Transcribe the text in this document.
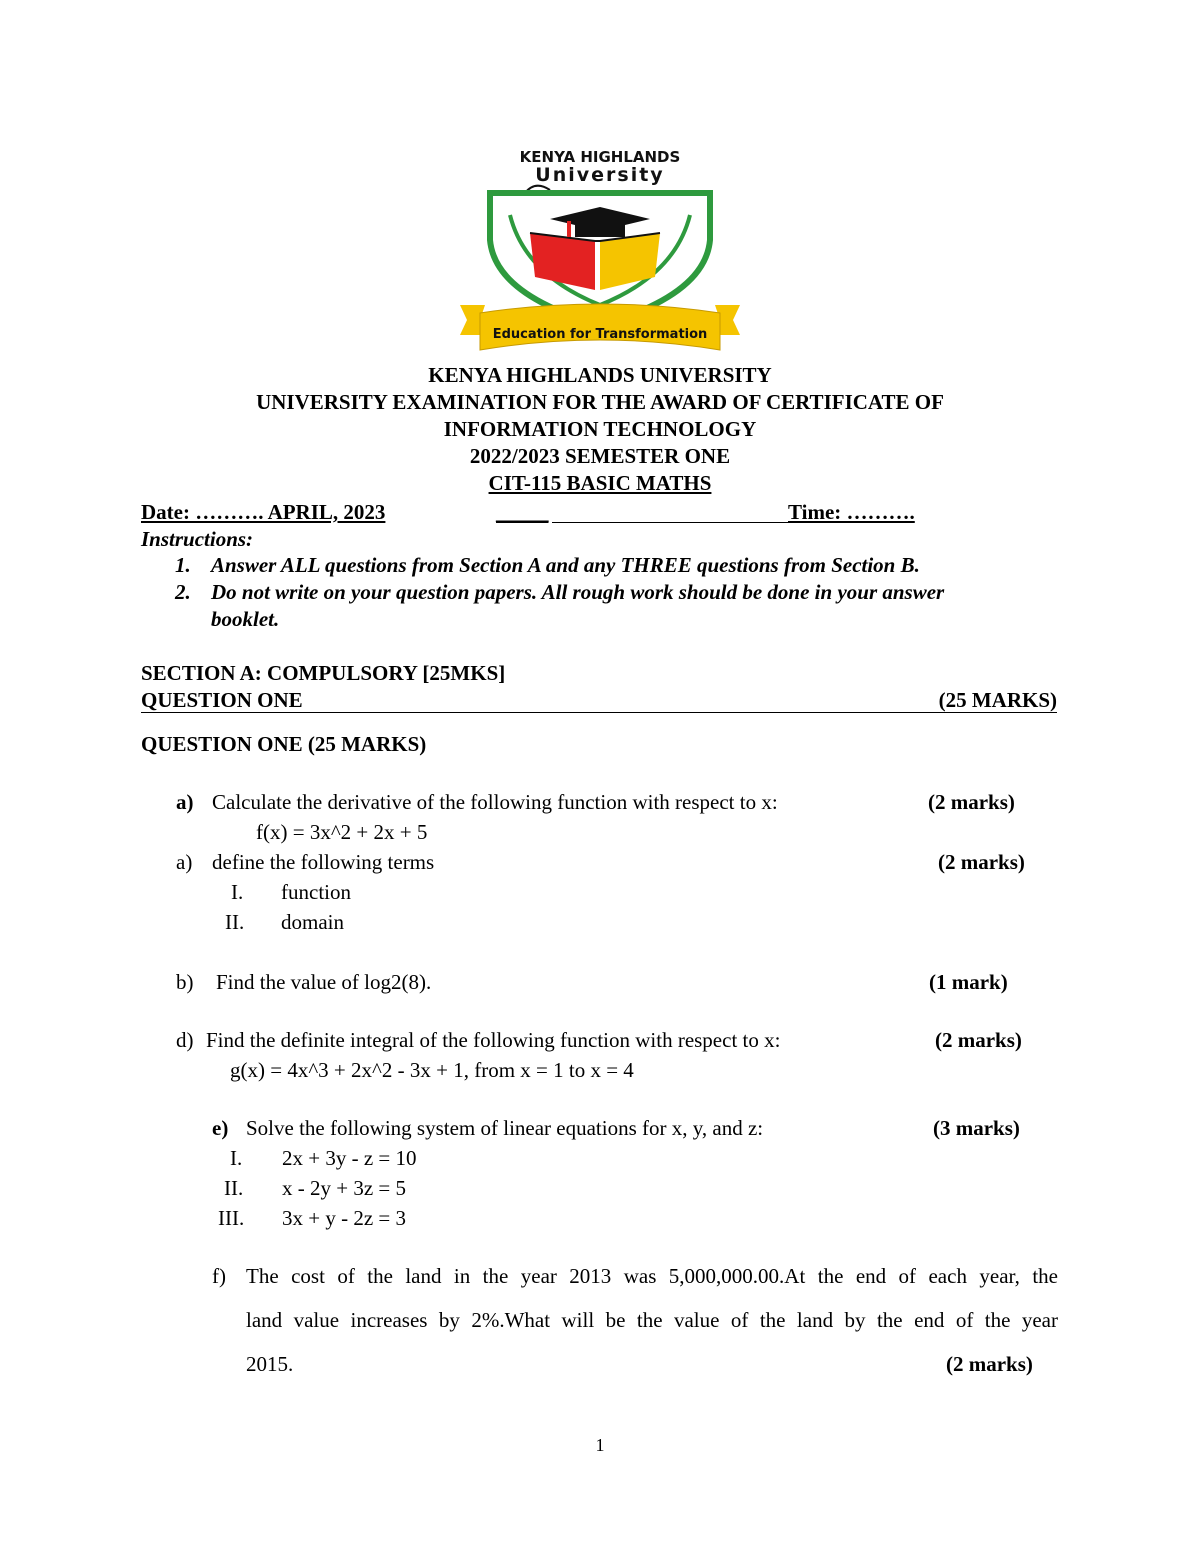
KENYA HIGHLANDS
University
Education for Transformation
KENYA HIGHLANDS UNIVERSITY
UNIVERSITY EXAMINATION FOR THE AWARD OF CERTIFICATE OF
INFORMATION TECHNOLOGY
2022/2023 SEMESTER ONE
CIT-115 BASIC MATHS
Date: ………. APRIL, 2023	_____	Time: ……….
Instructions:
1. Answer ALL questions from Section A and any THREE questions from Section B.
2. Do not write on your question papers. All rough work should be done in your answer
booklet.
SECTION A: COMPULSORY [25MKS]
QUESTION ONE	(25 MARKS)
QUESTION ONE (25 MARKS)
a) Calculate the derivative of the following function with respect to x:	(2 marks)
f(x) = 3x^2 + 2x + 5
a) define the following terms	(2 marks)
I. function
II. domain
b) Find the value of log2(8).	(1 mark)
d) Find the definite integral of the following function with respect to x:	(2 marks)
g(x) = 4x^3 + 2x^2 - 3x + 1, from x = 1 to x = 4
e) Solve the following system of linear equations for x, y, and z:	(3 marks)
I. 2x + 3y - z = 10
II. x - 2y + 3z = 5
III. 3x + y - 2z = 3
f) The cost of the land in the year 2013 was 5,000,000.00.At the end of each year, the
land value increases by 2%.What will be the value of the land by the end of the year
2015.	(2 marks)
1
